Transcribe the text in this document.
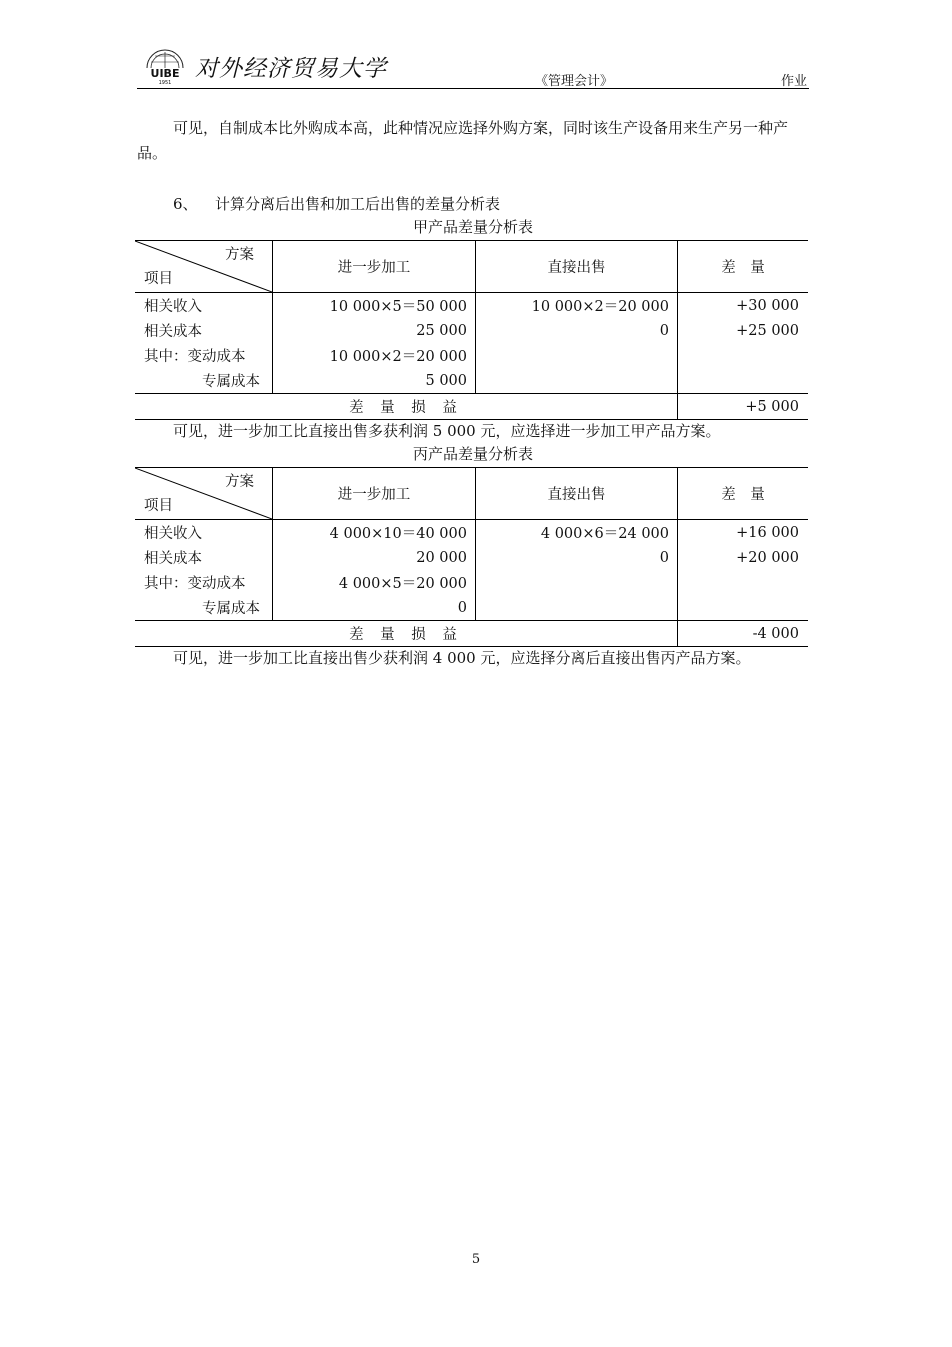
UIBE
1951
对外经济贸易大学	《管理会计》	作业
可见，自制成本比外购成本高，此种情况应选择外购方案，同时该生产设备用来生产另一种产品。
6、 计算分离后出售和加工后出售的差量分析表
甲产品差量分析表
方案
项目	进一步加工	直接出售	差　量
相关收入	10 000×5＝50 000	10 000×2＝20 000	+30 000
相关成本	25 000	0	+25 000
其中：变动成本	10 000×2＝20 000		
专属成本	5 000		
差 量 损 益			+5 000
可见，进一步加工比直接出售多获利润 5 000 元，应选择进一步加工甲产品方案。
丙产品差量分析表
方案
项目	进一步加工	直接出售	差　量
相关收入	4 000×10＝40 000	4 000×6＝24 000	+16 000
相关成本	20 000	0	+20 000
其中：变动成本	4 000×5＝20 000		
专属成本	0		
差 量 损 益			-4 000
可见，进一步加工比直接出售少获利润 4 000 元，应选择分离后直接出售丙产品方案。
5
